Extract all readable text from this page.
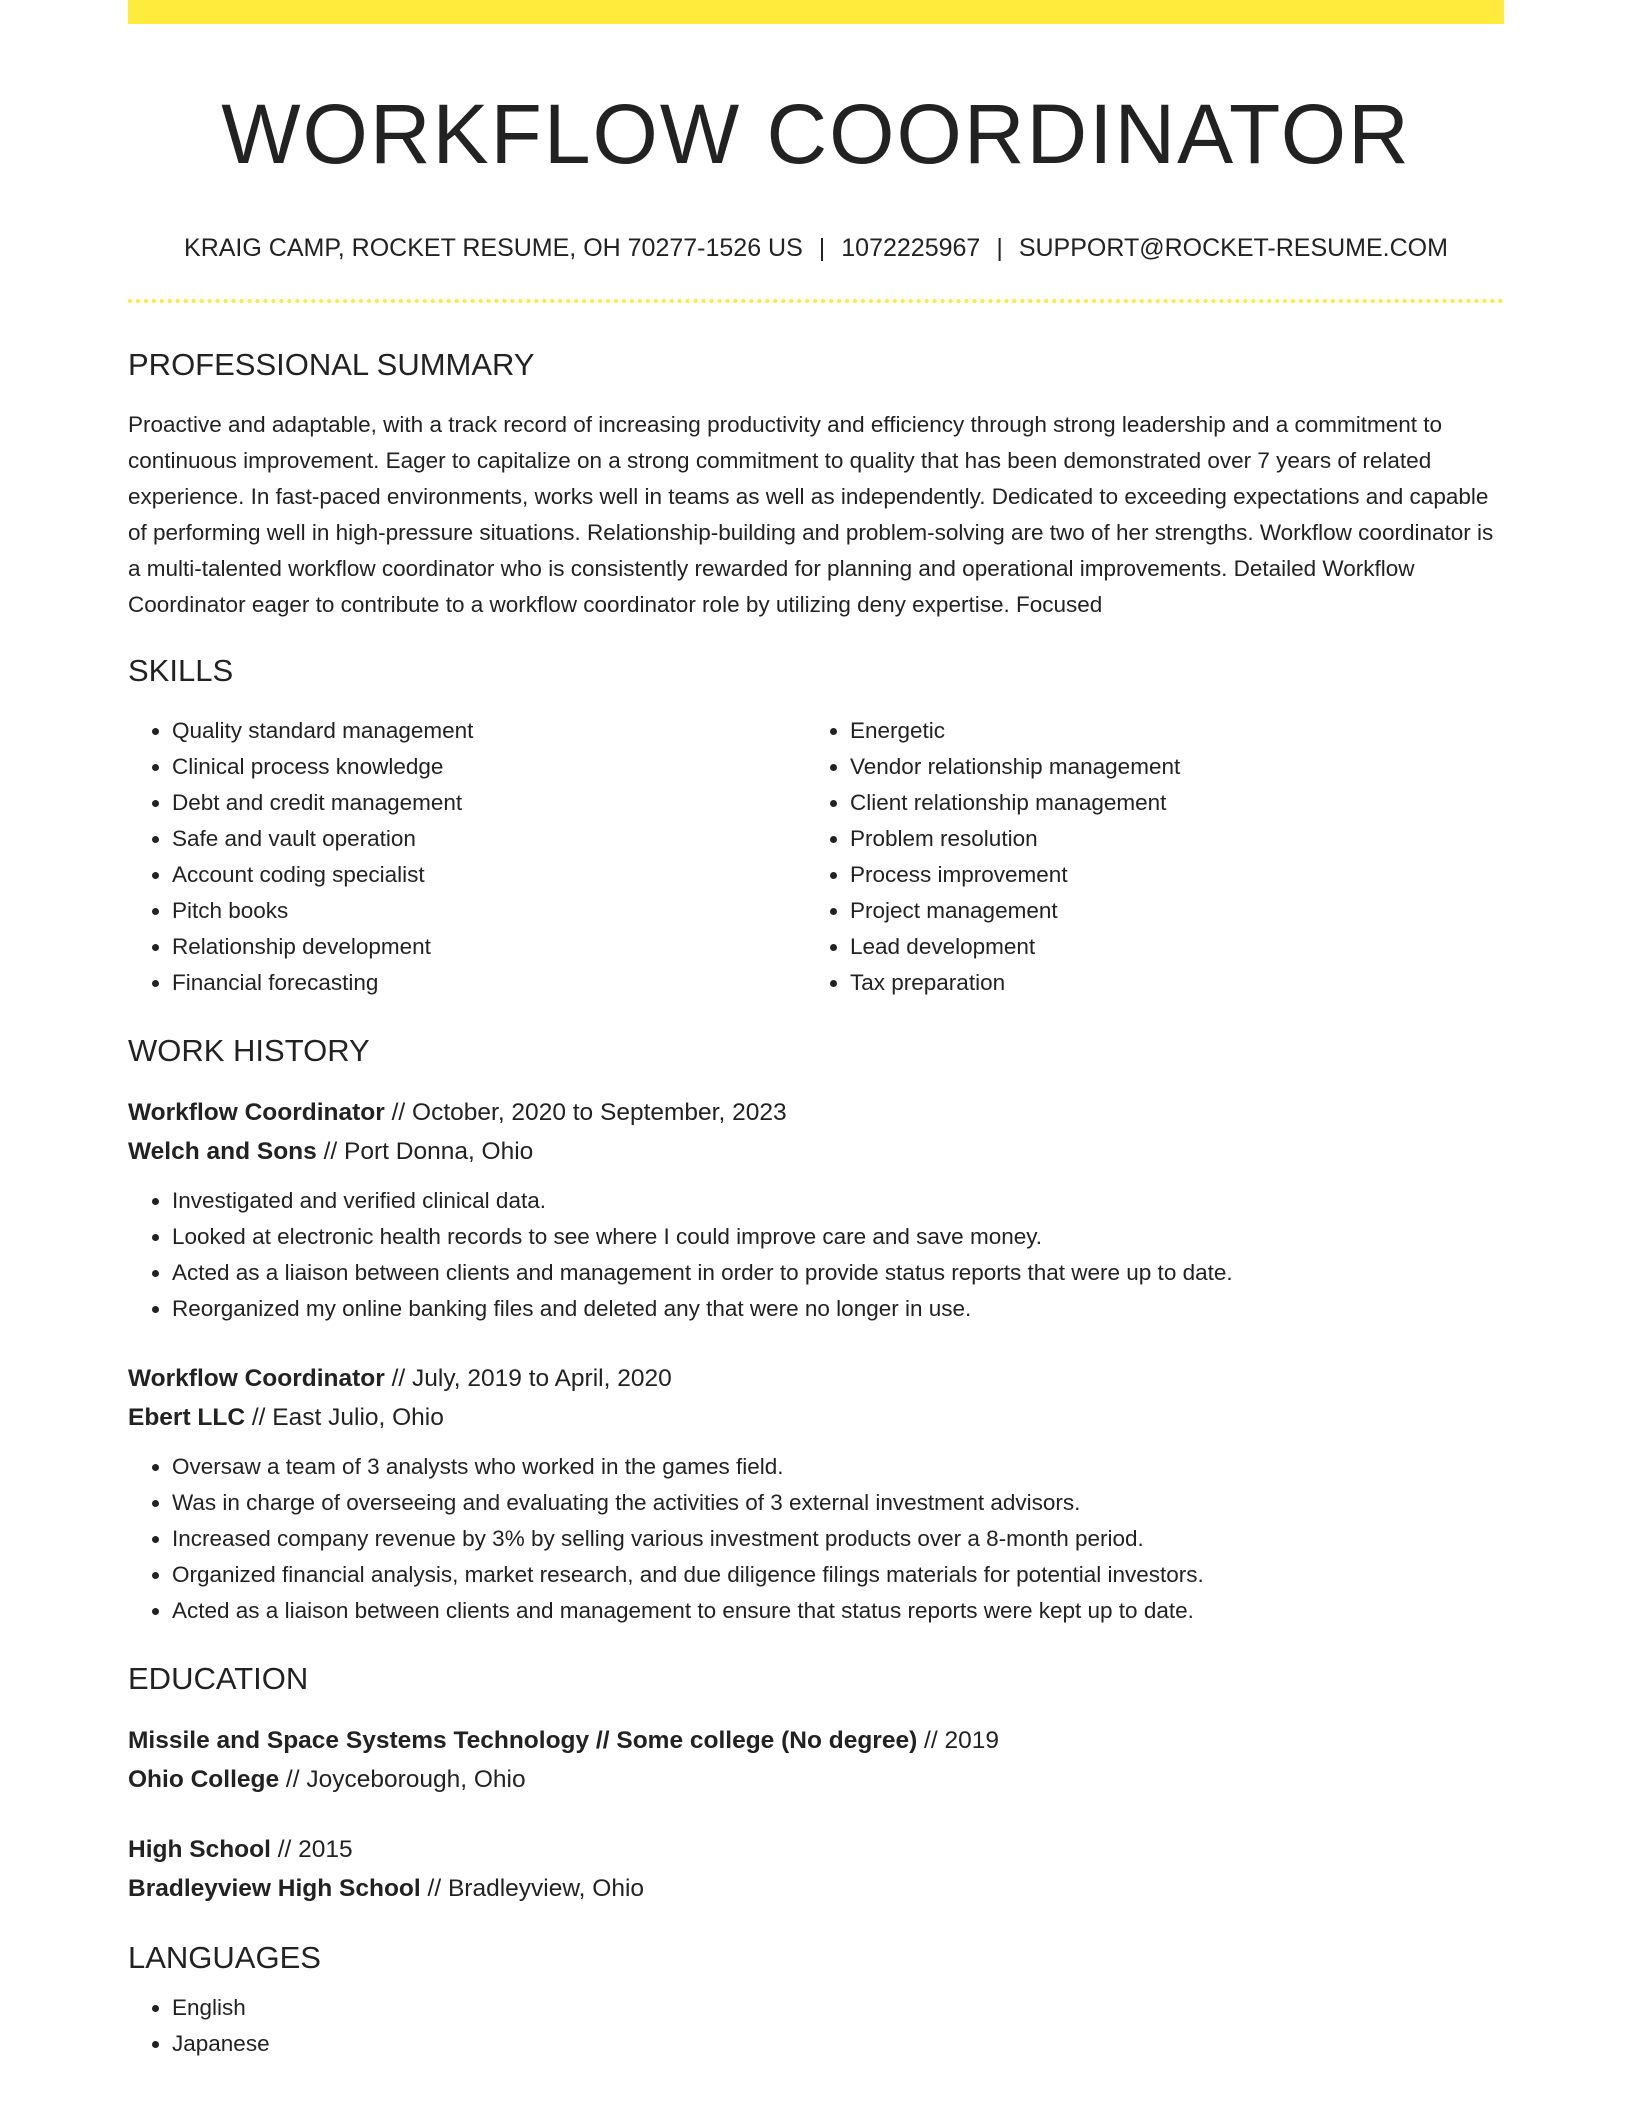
WORKFLOW COORDINATOR
KRAIG CAMP, ROCKET RESUME, OH 70277-1526 US | 1072225967 | SUPPORT@ROCKET-RESUME.COM
PROFESSIONAL SUMMARY

Proactive and adaptable, with a track record of increasing productivity and efficiency through strong leadership and a commitment to continuous improvement. Eager to capitalize on a strong commitment to quality that has been demonstrated over 7 years of related experience. In fast-paced environments, works well in teams as well as independently. Dedicated to exceeding expectations and capable of performing well in high-pressure situations. Relationship-building and problem-solving are two of her strengths. Workflow coordinator is a multi-talented workflow coordinator who is consistently rewarded for planning and operational improvements. Detailed Workflow Coordinator eager to contribute to a workflow coordinator role by utilizing deny expertise. Focused

SKILLS
• Quality standard management
• Clinical process knowledge
• Debt and credit management
• Safe and vault operation
• Account coding specialist
• Pitch books
• Relationship development
• Financial forecasting
• Energetic
• Vendor relationship management
• Client relationship management
• Problem resolution
• Process improvement
• Project management
• Lead development
• Tax preparation
WORK HISTORY
Workflow Coordinator // October, 2020 to September, 2023
Welch and Sons // Port Donna, Ohio
• Investigated and verified clinical data.
• Looked at electronic health records to see where I could improve care and save money.
• Acted as a liaison between clients and management in order to provide status reports that were up to date.
• Reorganized my online banking files and deleted any that were no longer in use.
Workflow Coordinator // July, 2019 to April, 2020
Ebert LLC // East Julio, Ohio
• Oversaw a team of 3 analysts who worked in the games field.
• Was in charge of overseeing and evaluating the activities of 3 external investment advisors.
• Increased company revenue by 3% by selling various investment products over a 8-month period.
• Organized financial analysis, market research, and due diligence filings materials for potential investors.
• Acted as a liaison between clients and management to ensure that status reports were kept up to date.
EDUCATION
Missile and Space Systems Technology // Some college (No degree) // 2019
Ohio College // Joyceborough, Ohio
High School // 2015
Bradleyview High School // Bradleyview, Ohio
LANGUAGES
• English
• Japanese
